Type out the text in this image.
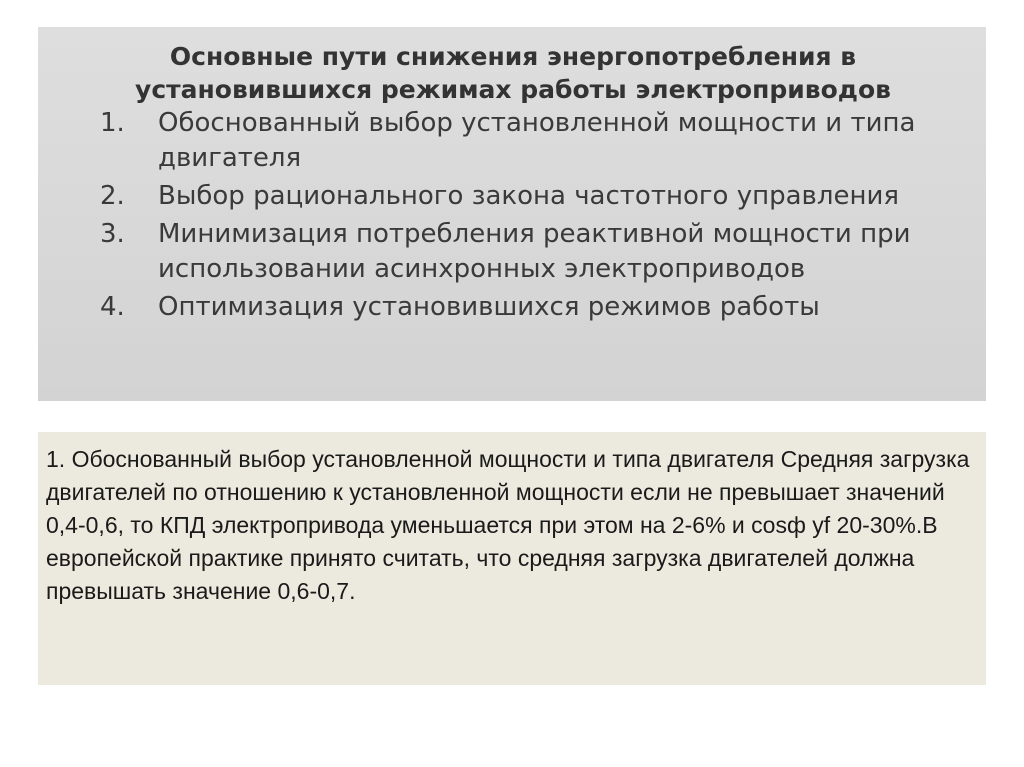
Основные пути снижения энергопотребления в установившихся режимах работы электроприводов
1.	Обоснованный выбор установленной мощности и типа двигателя
2.	Выбор рационального закона частотного управления
3.	Минимизация потребления реактивной мощности при использовании асинхронных электроприводов
4.	Оптимизация установившихся режимов работы

1. Обоснованный выбор установленной мощности и типа двигателя Средняя загрузка двигателей по отношению к установленной мощности если не превышает значений 0,4-0,6, то КПД электропривода уменьшается при этом на 2-6% и cosф yf 20-30%.В европейской практике принято считать, что средняя загрузка двигателей должна превышать значение 0,6-0,7.
